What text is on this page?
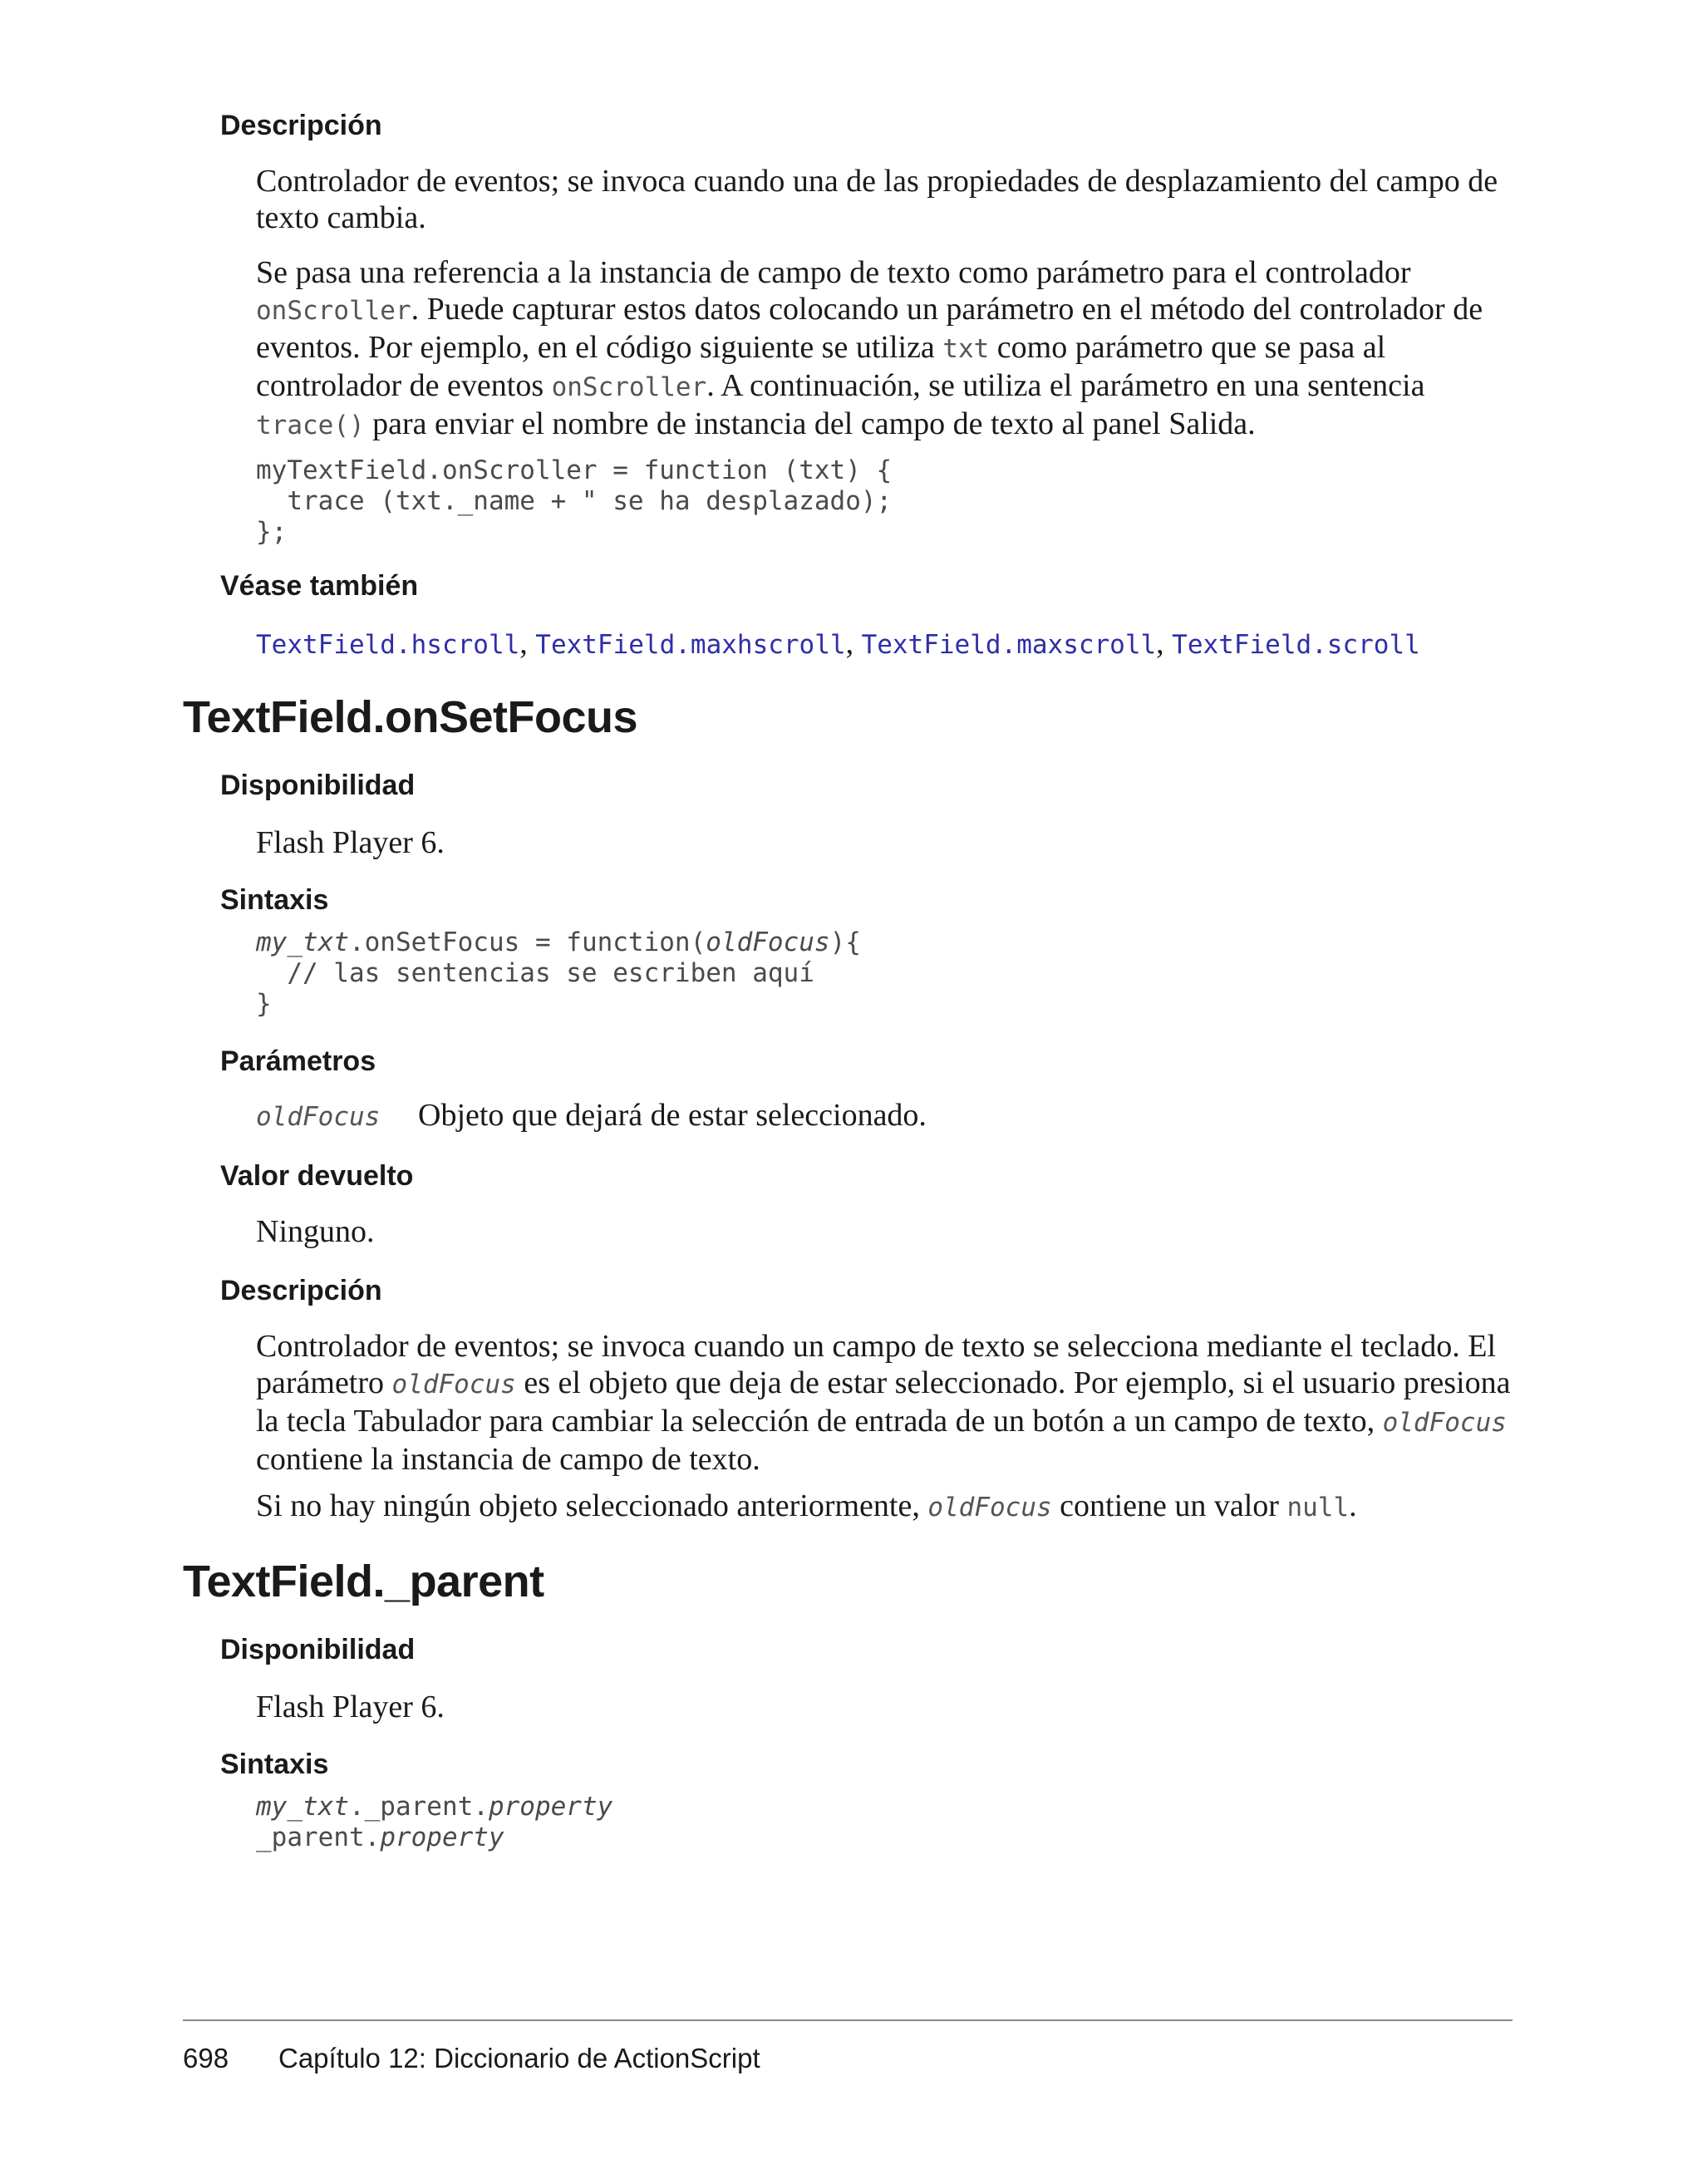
Descripción

Controlador de eventos; se invoca cuando una de las propiedades de desplazamiento del campo de texto cambia.

Se pasa una referencia a la instancia de campo de texto como parámetro para el controlador onScroller. Puede capturar estos datos colocando un parámetro en el método del controlador de eventos. Por ejemplo, en el código siguiente se utiliza txt como parámetro que se pasa al controlador de eventos onScroller. A continuación, se utiliza el parámetro en una sentencia trace() para enviar el nombre de instancia del campo de texto al panel Salida.

myTextField.onScroller = function (txt) {
trace (txt._name + " se ha desplazado);
};
Véase también
TextField.hscroll, TextField.maxhscroll, TextField.maxscroll, TextField.scroll
TextField.onSetFocus
Disponibilidad

Flash Player 6.

Sintaxis
my_txt.onSetFocus = function(oldFocus){
// las sentencias se escriben aquí
}
Parámetros
oldFocus Objeto que dejará de estar seleccionado.
Valor devuelto

Ninguno.

Descripción

Controlador de eventos; se invoca cuando un campo de texto se selecciona mediante el teclado. El parámetro oldFocus es el objeto que deja de estar seleccionado. Por ejemplo, si el usuario presiona la tecla Tabulador para cambiar la selección de entrada de un botón a un campo de texto, oldFocus contiene la instancia de campo de texto.

Si no hay ningún objeto seleccionado anteriormente, oldFocus contiene un valor null.

TextField._parent
Disponibilidad

Flash Player 6.

Sintaxis
my_txt._parent.property
_parent.property
698 Capítulo 12: Diccionario de ActionScript
